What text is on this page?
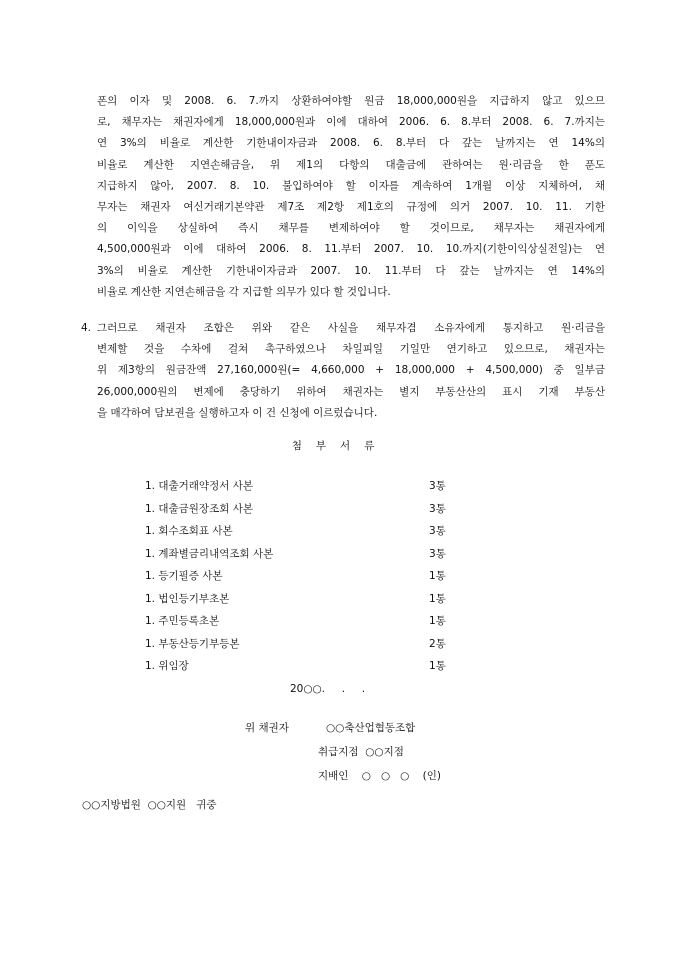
폰의 이자 및 2008. 6. 7.까지 상환하여야할 원금 18,000,000원을 지급하지 않고 있으므
로, 채무자는 채권자에게 18,000,000원과 이에 대하여 2006. 6. 8.부터 2008. 6. 7.까지는
연 3%의 비율로 계산한 기한내이자금과 2008. 6. 8.부터 다 갚는 날까지는 연 14%의
비율로 계산한 지연손해금을, 위 제1의 다항의 대출금에 관하여는 원·리금을 한 푼도
지급하지 않아, 2007. 8. 10. 불입하여야 할 이자를 계속하여 1개월 이상 지체하여, 채
무자는 채권자 여신거래기본약관 제7조 제2항 제1호의 규정에 의거 2007. 10. 11. 기한
의 이익을 상실하여 즉시 채무를 변제하여야 할 것이므로, 채무자는 채권자에게
4,500,000원과 이에 대하여 2006. 8. 11.부터 2007. 10. 10.까지(기한이익상실전일)는 연
3%의 비율로 계산한 기한내이자금과 2007. 10. 11.부터 다 갚는 날까지는 연 14%의
비율로 계산한 지연손해금을 각 지급할 의무가 있다 할 것입니다.
4. 그러므로 채권자 조합은 위와 같은 사실을 채무자겸 소유자에게 통지하고 원·리금을
변제할 것을 수차에 걸쳐 촉구하였으나 차일피일 기일만 연기하고 있으므로, 채권자는
위 제3항의 원금잔액 27,160,000원(= 4,660,000 + 18,000,000 + 4,500,000) 중 일부금
26,000,000원의 변제에 충당하기 위하여 채권자는 별지 부동산산의 표시 기재 부동산
을 매각하여 담보권을 실행하고자 이 건 신청에 이르렀습니다.
첨부서류
1. 대출거래약정서 사본	3통
1. 대출금원장조회 사본	3통
1. 회수조회표 사본	3통
1. 계좌별금리내역조회 사본	3통
1. 등기필증 사본	1통
1. 법인등기부초본	1통
1. 주민등록초본	1통
1. 부동산등기부등본	2통
1. 위임장	1통
20○○.     .     .
위 채권자	○○축산업협동조합
취급지점  ○○지점
지배인    ○   ○   ○    (인)
○○지방법원  ○○지원   귀중
